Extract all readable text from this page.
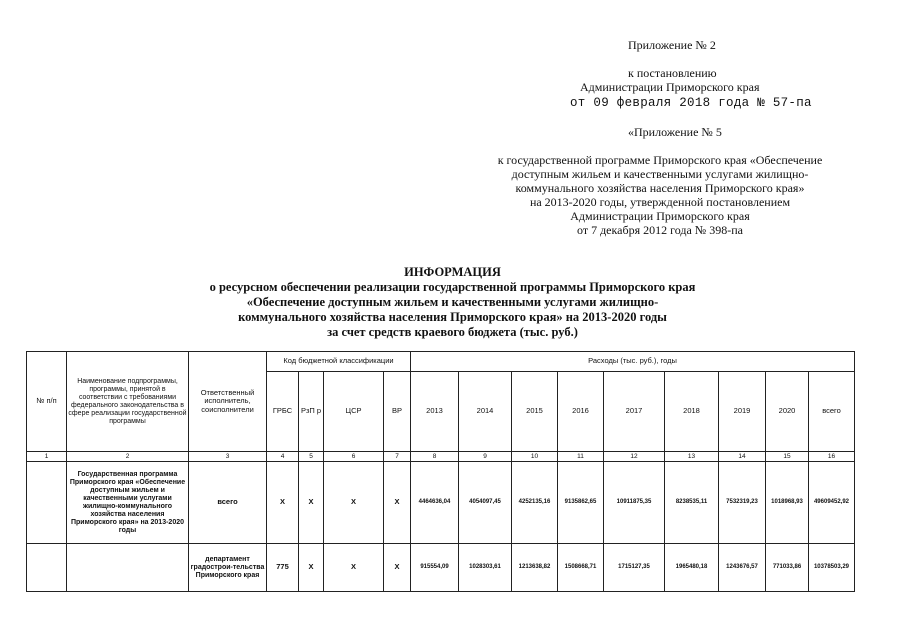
Приложение № 2
к постановлению
Администрации Приморского края
от 09 февраля 2018 года № 57-па
«Приложение № 5
к государственной программе Приморского края «Обеспечение
доступным жильем и качественными услугами жилищно-
коммунального хозяйства населения Приморского края»
на 2013-2020 годы, утвержденной постановлением
Администрации Приморского края
от 7 декабря 2012 года № 398-па
ИНФОРМАЦИЯ
о ресурсном обеспечении реализации государственной программы Приморского края
«Обеспечение доступным жильем и качественными услугами жилищно-
коммунального хозяйства населения Приморского края» на 2013-2020 годы
за счет средств краевого бюджета (тыс. руб.)
№ п/п	Наименование подпрограммы, программы, принятой в соответствии с требованиями федерального законодательства в сфере реализации государственной программы	Ответственный исполнитель, соисполнители	Код бюджетной классификации				Расходы (тыс. руб.), годы								
			ГРБС	РзП р	ЦСР	ВР	2013	2014	2015	2016	2017	2018	2019	2020	всего
1	2	3	4	5	6	7	8	9	10	11	12	13	14	15	16
	Государственная программа Приморского края «Обеспечение доступным жильем и качественными услугами жилищно-коммунального хозяйства населения Приморского края» на 2013-2020 годы	всего	X	X	X	X	4464636,04	4054097,45	4252135,16	9135862,65	10911875,35	8238535,11	7532319,23	1018968,93	49609452,92
		департамент градострои-тельства Приморского края	775	X	X	X	915554,09	1028303,61	1213638,82	1508668,71	1715127,35	1965480,18	1243676,57	771033,86	10378503,29
